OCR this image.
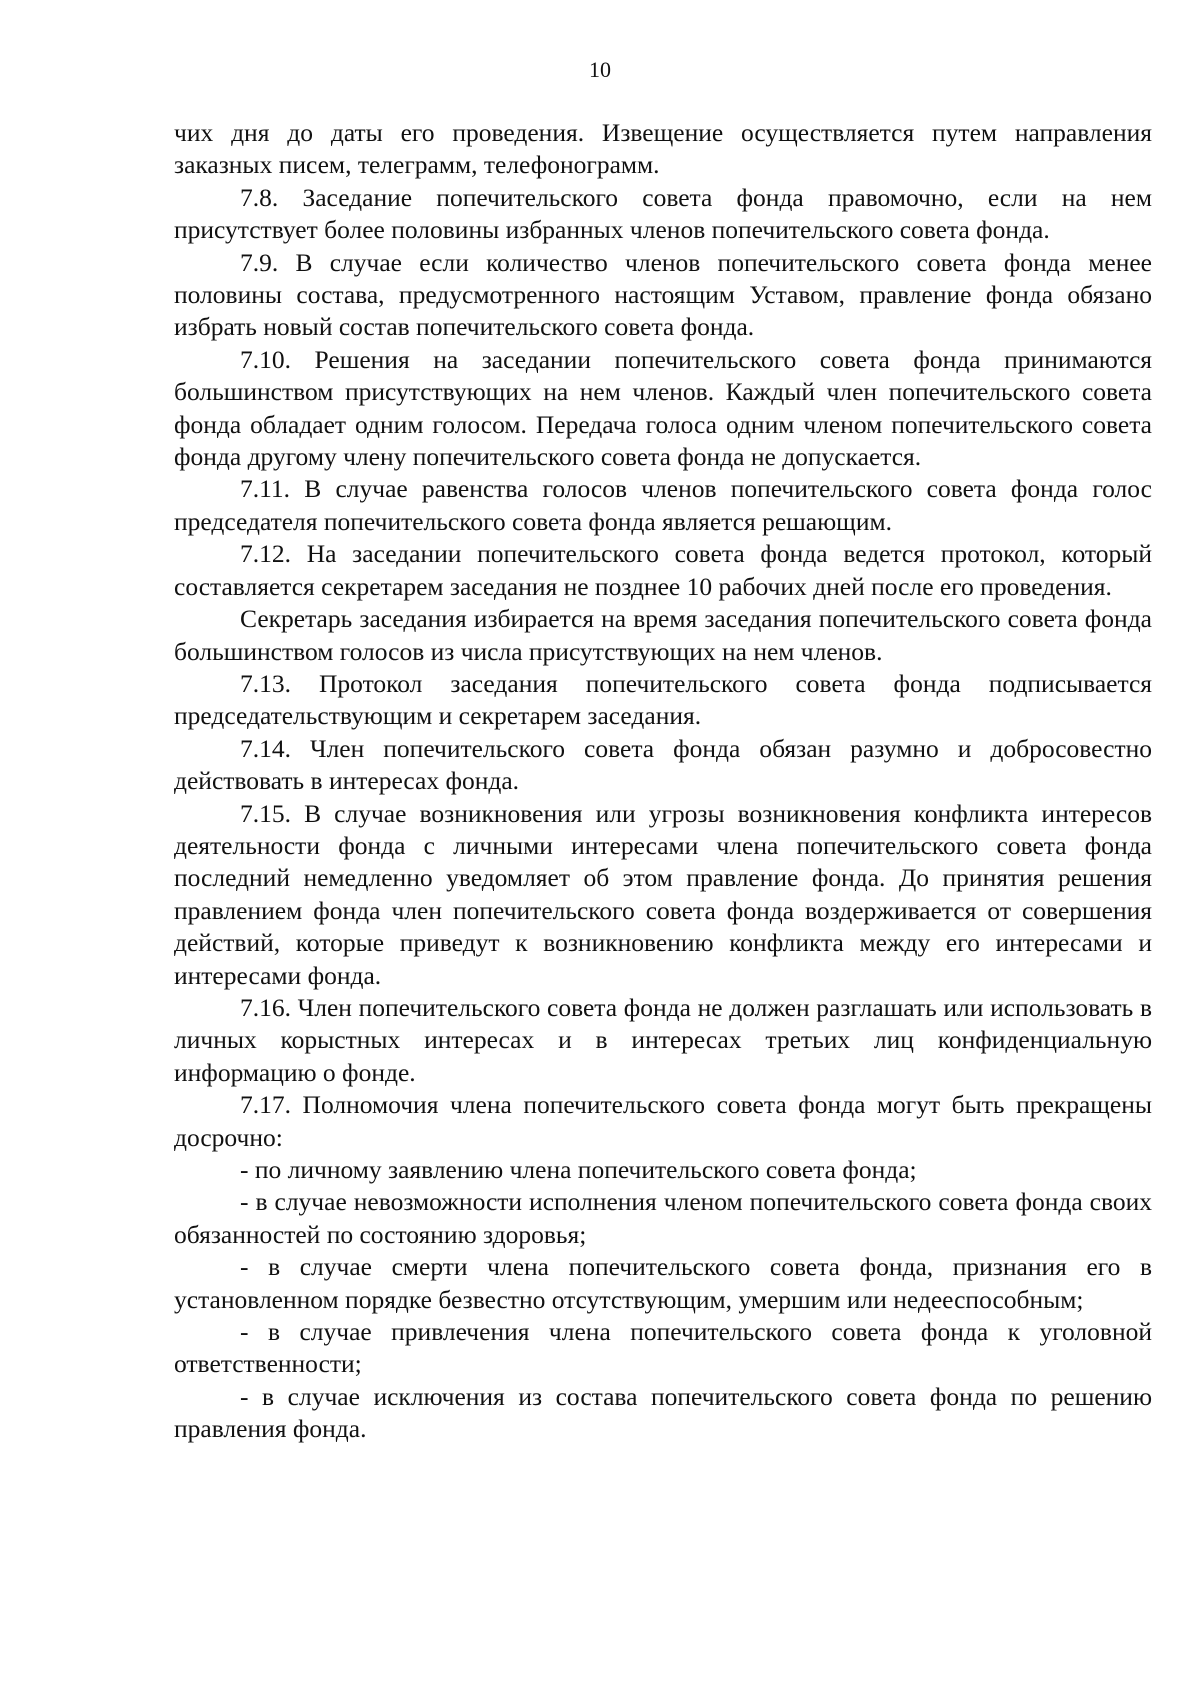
10

чих дня до даты его проведения. Извещение осуществляется путем направления заказных писем, телеграмм, телефонограмм.

7.8. Заседание попечительского совета фонда правомочно, если на нем присутствует более половины избранных членов попечительского совета фонда.

7.9. В случае если количество членов попечительского совета фонда менее половины состава, предусмотренного настоящим Уставом, правление фонда обязано избрать новый состав попечительского совета фонда.

7.10. Решения на заседании попечительского совета фонда принимаются большинством присутствующих на нем членов. Каждый член попечительского совета фонда обладает одним голосом. Передача голоса одним членом попечительского совета фонда другому члену попечительского совета фонда не допускается.

7.11. В случае равенства голосов членов попечительского совета фонда голос председателя попечительского совета фонда является решающим.

7.12. На заседании попечительского совета фонда ведется протокол, который составляется секретарем заседания не позднее 10 рабочих дней после его проведения.

Секретарь заседания избирается на время заседания попечительского совета фонда большинством голосов из числа присутствующих на нем членов.

7.13. Протокол заседания попечительского совета фонда подписывается председательствующим и секретарем заседания.

7.14. Член попечительского совета фонда обязан разумно и добросовестно действовать в интересах фонда.

7.15. В случае возникновения или угрозы возникновения конфликта интересов деятельности фонда с личными интересами члена попечительского совета фонда последний немедленно уведомляет об этом правление фонда. До принятия решения правлением фонда член попечительского совета фонда воздерживается от совершения действий, которые приведут к возникновению конфликта между его интересами и интересами фонда.

7.16. Член попечительского совета фонда не должен разглашать или использовать в личных корыстных интересах и в интересах третьих лиц конфиденциальную информацию о фонде.

7.17. Полномочия члена попечительского совета фонда могут быть прекращены досрочно:

- по личному заявлению члена попечительского совета фонда;

- в случае невозможности исполнения членом попечительского совета фонда своих обязанностей по состоянию здоровья;

- в случае смерти члена попечительского совета фонда, признания его в установленном порядке безвестно отсутствующим, умершим или недееспособным;

- в случае привлечения члена попечительского совета фонда к уголовной ответственности;

- в случае исключения из состава попечительского совета фонда по решению правления фонда.
